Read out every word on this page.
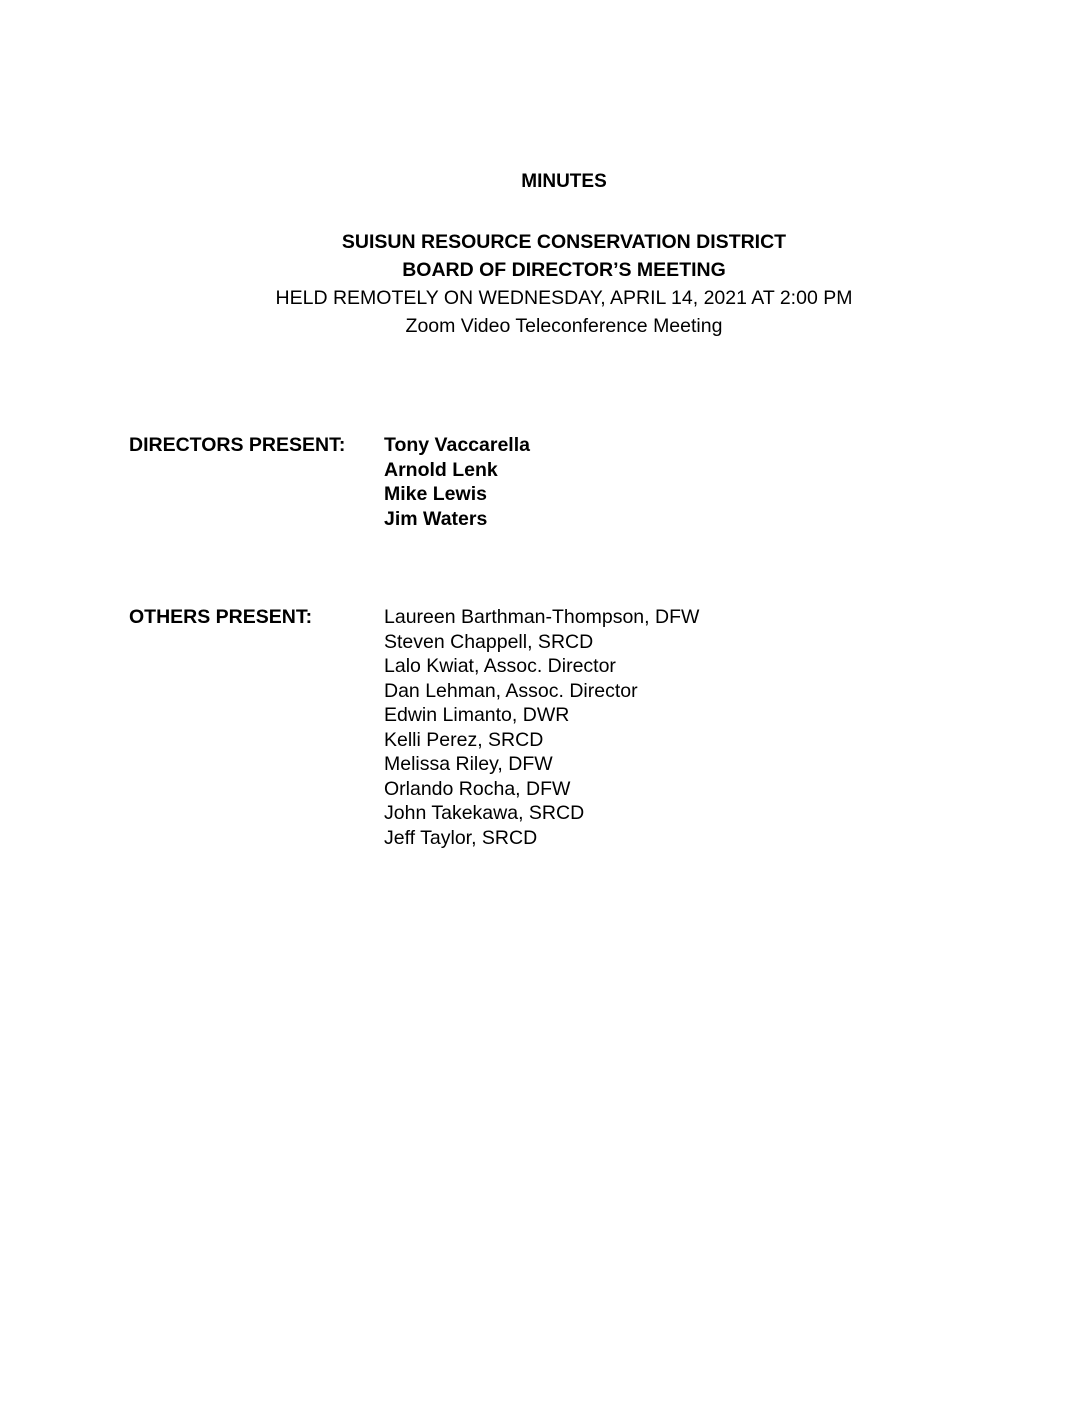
MINUTES
SUISUN RESOURCE CONSERVATION DISTRICT
BOARD OF DIRECTOR’S MEETING
HELD REMOTELY ON WEDNESDAY, APRIL 14, 2021 AT 2:00 PM
Zoom Video Teleconference Meeting
DIRECTORS PRESENT: Tony Vaccarella
Arnold Lenk
Mike Lewis
Jim Waters
OTHERS PRESENT:	Laureen Barthman-Thompson, DFW
Steven Chappell, SRCD
Lalo Kwiat, Assoc. Director
Dan Lehman, Assoc. Director
Edwin Limanto, DWR
Kelli Perez, SRCD
Melissa Riley, DFW
Orlando Rocha, DFW
John Takekawa, SRCD
Jeff Taylor, SRCD
